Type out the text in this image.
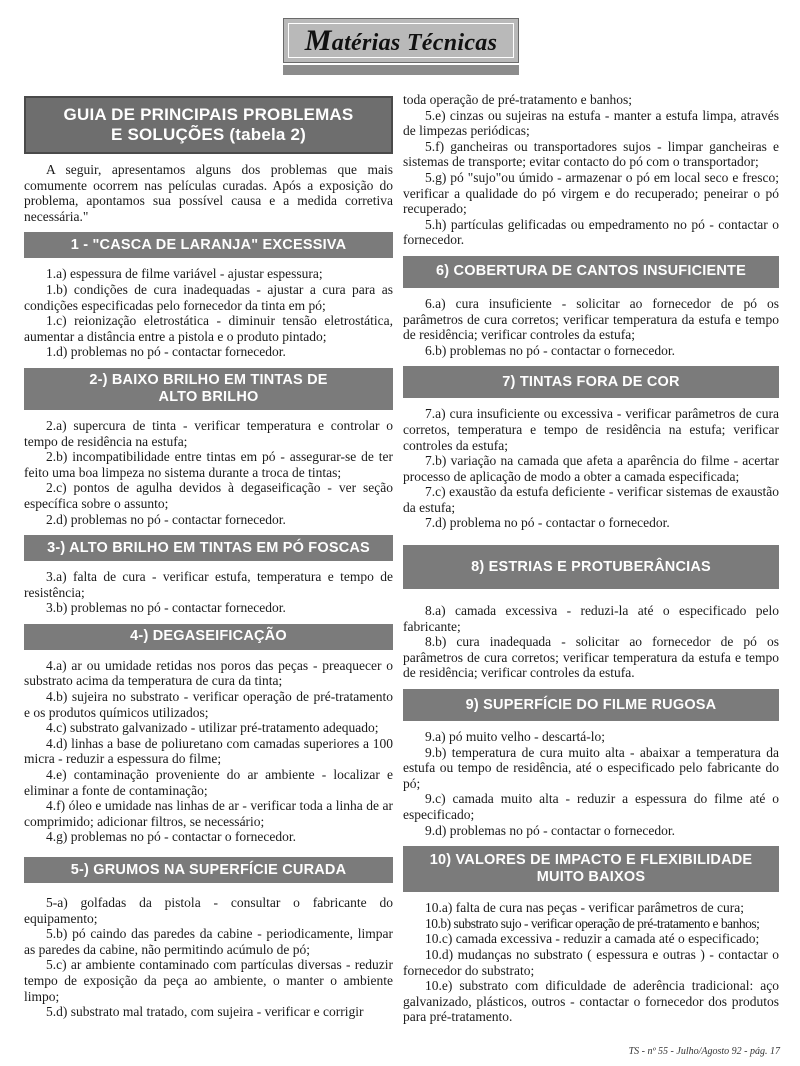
Matérias Técnicas
GUIA DE PRINCIPAIS PROBLEMAS
E SOLUÇÕES (tabela 2)

A seguir, apresentamos alguns dos problemas que mais comumente ocorrem nas películas curadas. Após a exposição do problema, apontamos sua possível causa e a medida corretiva necessária."

1 - "CASCA DE LARANJA" EXCESSIVA

1.a) espessura de filme variável - ajustar espessura;

1.b) condições de cura inadequadas - ajustar a cura para as condições especificadas pelo fornecedor da tinta em pó;

1.c) reionização eletrostática - diminuir tensão eletrostática, aumentar a distância entre a pistola e o produto pintado;

1.d) problemas no pó - contactar fornecedor.

2-) BAIXO BRILHO EM TINTAS DE
ALTO BRILHO

2.a) supercura de tinta - verificar temperatura e controlar o tempo de residência na estufa;

2.b) incompatibilidade entre tintas em pó - assegurar-se de ter feito uma boa limpeza no sistema durante a troca de tintas;

2.c) pontos de agulha devidos à degaseificação - ver seção específica sobre o assunto;

2.d) problemas no pó - contactar fornecedor.

3-) ALTO BRILHO EM TINTAS EM PÓ FOSCAS

3.a) falta de cura - verificar estufa, temperatura e tempo de resistência;

3.b) problemas no pó - contactar fornecedor.

4-) DEGASEIFICAÇÃO

4.a) ar ou umidade retidas nos poros das peças - preaquecer o substrato acima da temperatura de cura da tinta;

4.b) sujeira no substrato - verificar operação de pré-tratamento e os produtos químicos utilizados;

4.c) substrato galvanizado - utilizar pré-tratamento adequado;

4.d) linhas a base de poliuretano com camadas superiores a 100 micra - reduzir a espessura do filme;

4.e) contaminação proveniente do ar ambiente - localizar e eliminar a fonte de contaminação;

4.f) óleo e umidade nas linhas de ar - verificar toda a linha de ar comprimido; adicionar filtros, se necessário;

4.g) problemas no pó - contactar o fornecedor.

5-) GRUMOS NA SUPERFÍCIE CURADA

5-a) golfadas da pistola - consultar o fabricante do equipamento;

5.b) pó caindo das paredes da cabine - periodicamente, limpar as paredes da cabine, não permitindo acúmulo de pó;

5.c) ar ambiente contaminado com partículas diversas - reduzir tempo de exposição da peça ao ambiente, o manter o ambiente limpo;

5.d) substrato mal tratado, com sujeira - verificar e corrigir

toda operação de pré-tratamento e banhos;

5.e) cinzas ou sujeiras na estufa - manter a estufa limpa, através de limpezas periódicas;

5.f) gancheiras ou transportadores sujos - limpar gancheiras e sistemas de transporte; evitar contacto do pó com o transportador;

5.g) pó "sujo"ou úmido - armazenar o pó em local seco e fresco; verificar a qualidade do pó virgem e do recuperado; peneirar o pó recuperado;

5.h) partículas gelificadas ou empedramento no pó - contactar o fornecedor.

6) COBERTURA DE CANTOS INSUFICIENTE

6.a) cura insuficiente - solicitar ao fornecedor de pó os parâmetros de cura corretos; verificar temperatura da estufa e tempo de residência; verificar controles da estufa;

6.b) problemas no pó - contactar o fornecedor.

7) TINTAS FORA DE COR

7.a) cura insuficiente ou excessiva - verificar parâmetros de cura corretos, temperatura e tempo de residência na estufa; verificar controles da estufa;

7.b) variação na camada que afeta a aparência do filme - acertar processo de aplicação de modo a obter a camada especificada;

7.c) exaustão da estufa deficiente - verificar sistemas de exaustão da estufa;

7.d) problema no pó - contactar o fornecedor.

8) ESTRIAS E PROTUBERÂNCIAS

8.a) camada excessiva - reduzi-la até o especificado pelo fabricante;

8.b) cura inadequada - solicitar ao fornecedor de pó os parâmetros de cura corretos; verificar temperatura da estufa e tempo de residência; verificar controles da estufa.

9) SUPERFÍCIE DO FILME RUGOSA

9.a) pó muito velho - descartá-lo;

9.b) temperatura de cura muito alta - abaixar a temperatura da estufa ou tempo de residência, até o especificado pelo fabricante do pó;

9.c) camada muito alta - reduzir a espessura do filme até o especificado;

9.d) problemas no pó - contactar o fornecedor.

10) VALORES DE IMPACTO E FLEXIBILIDADE
MUITO BAIXOS

10.a) falta de cura nas peças - verificar parâmetros de cura;

10.b) substrato sujo - verificar operação de pré-tratamento e banhos;

10.c) camada excessiva - reduzir a camada até o especificado;

10.d) mudanças no substrato ( espessura e outras ) - contactar o fornecedor do substrato;

10.e) substrato com dificuldade de aderência tradicional: aço galvanizado, plásticos, outros - contactar o fornecedor dos produtos para pré-tratamento.

TS - nº 55 - Julho/Agosto 92 - pág. 17
